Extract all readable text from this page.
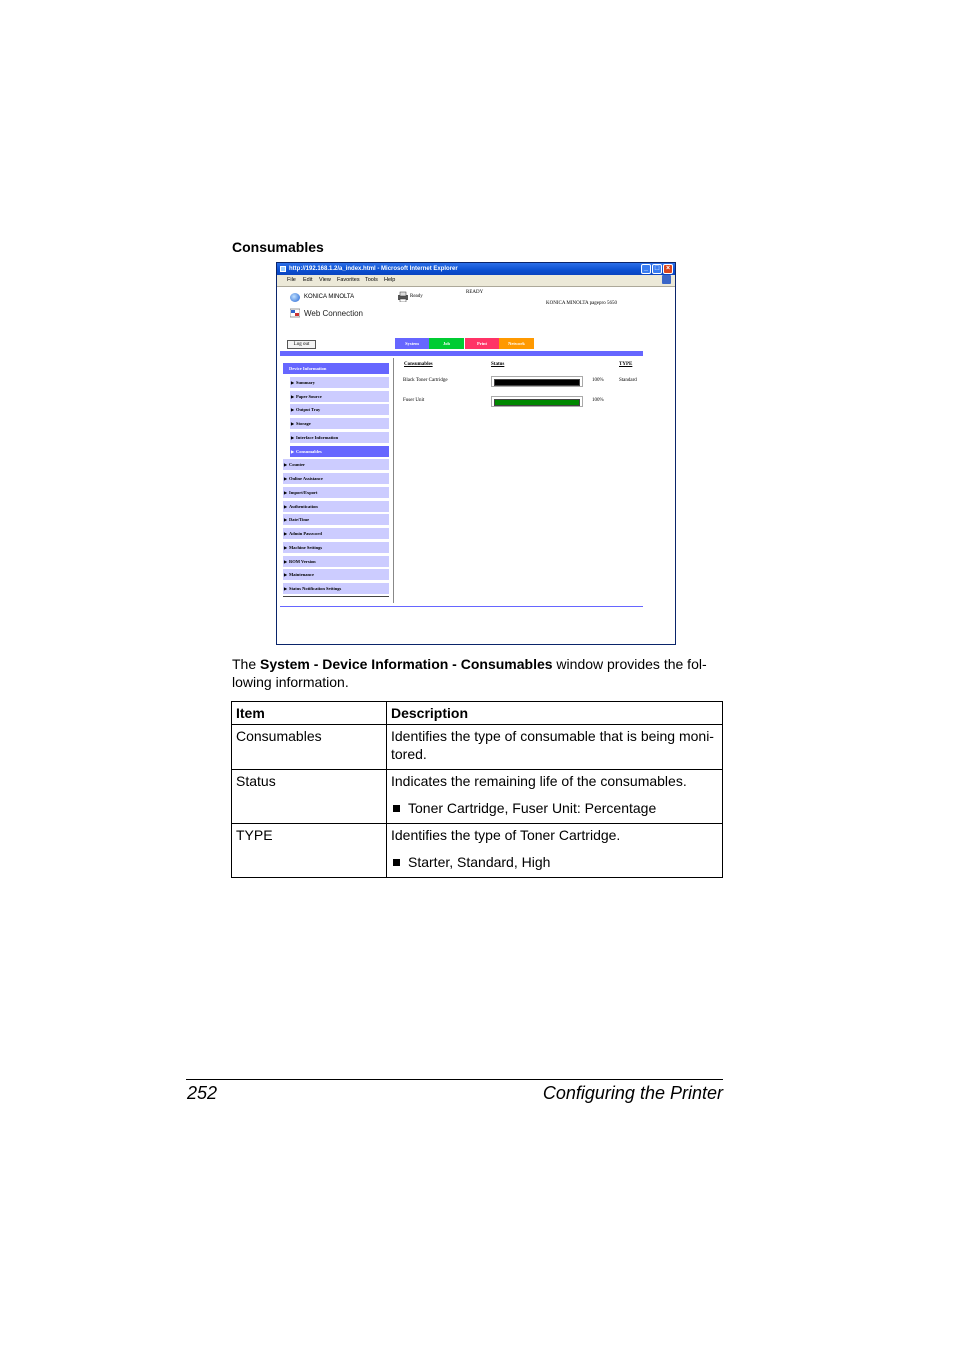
Consumables
http://192.168.1.2/a_index.html - Microsoft Internet Explorer	_ □ ×
File Edit View Favorites Tools Help
KONICA MINOLTA
Web Connection
Ready
READY
KONICA MINOLTA pagepro 5650
Log out	System	Job	Print	Network
Consumables	Status	TYPE
Black Toner Cartridge	100%	Standard
Fuser Unit	100%
Device Information
▶ Summary
▶ Paper Source
▶ Output Tray
▶ Storage
▶ Interface Information
▶ Consumables
▶ Counter
▶ Online Assistance
▶ Import/Export
▶ Authentication
▶ Date/Time
▶ Admin Password
▶ Machine Settings
▶ ROM Version
▶ Maintenance
▶ Status Notification Settings
The System - Device Information - Consumables window provides the fol-lowing information.
Item	Description
Consumables	Identifies the type of consumable that is being moni-tored.

Status	Indicates the remaining life of the consumables.
Toner Cartridge, Fuser Unit: Percentage

TYPE	Identifies the type of Toner Cartridge.
Starter, Standard, High
252	Configuring the Printer
